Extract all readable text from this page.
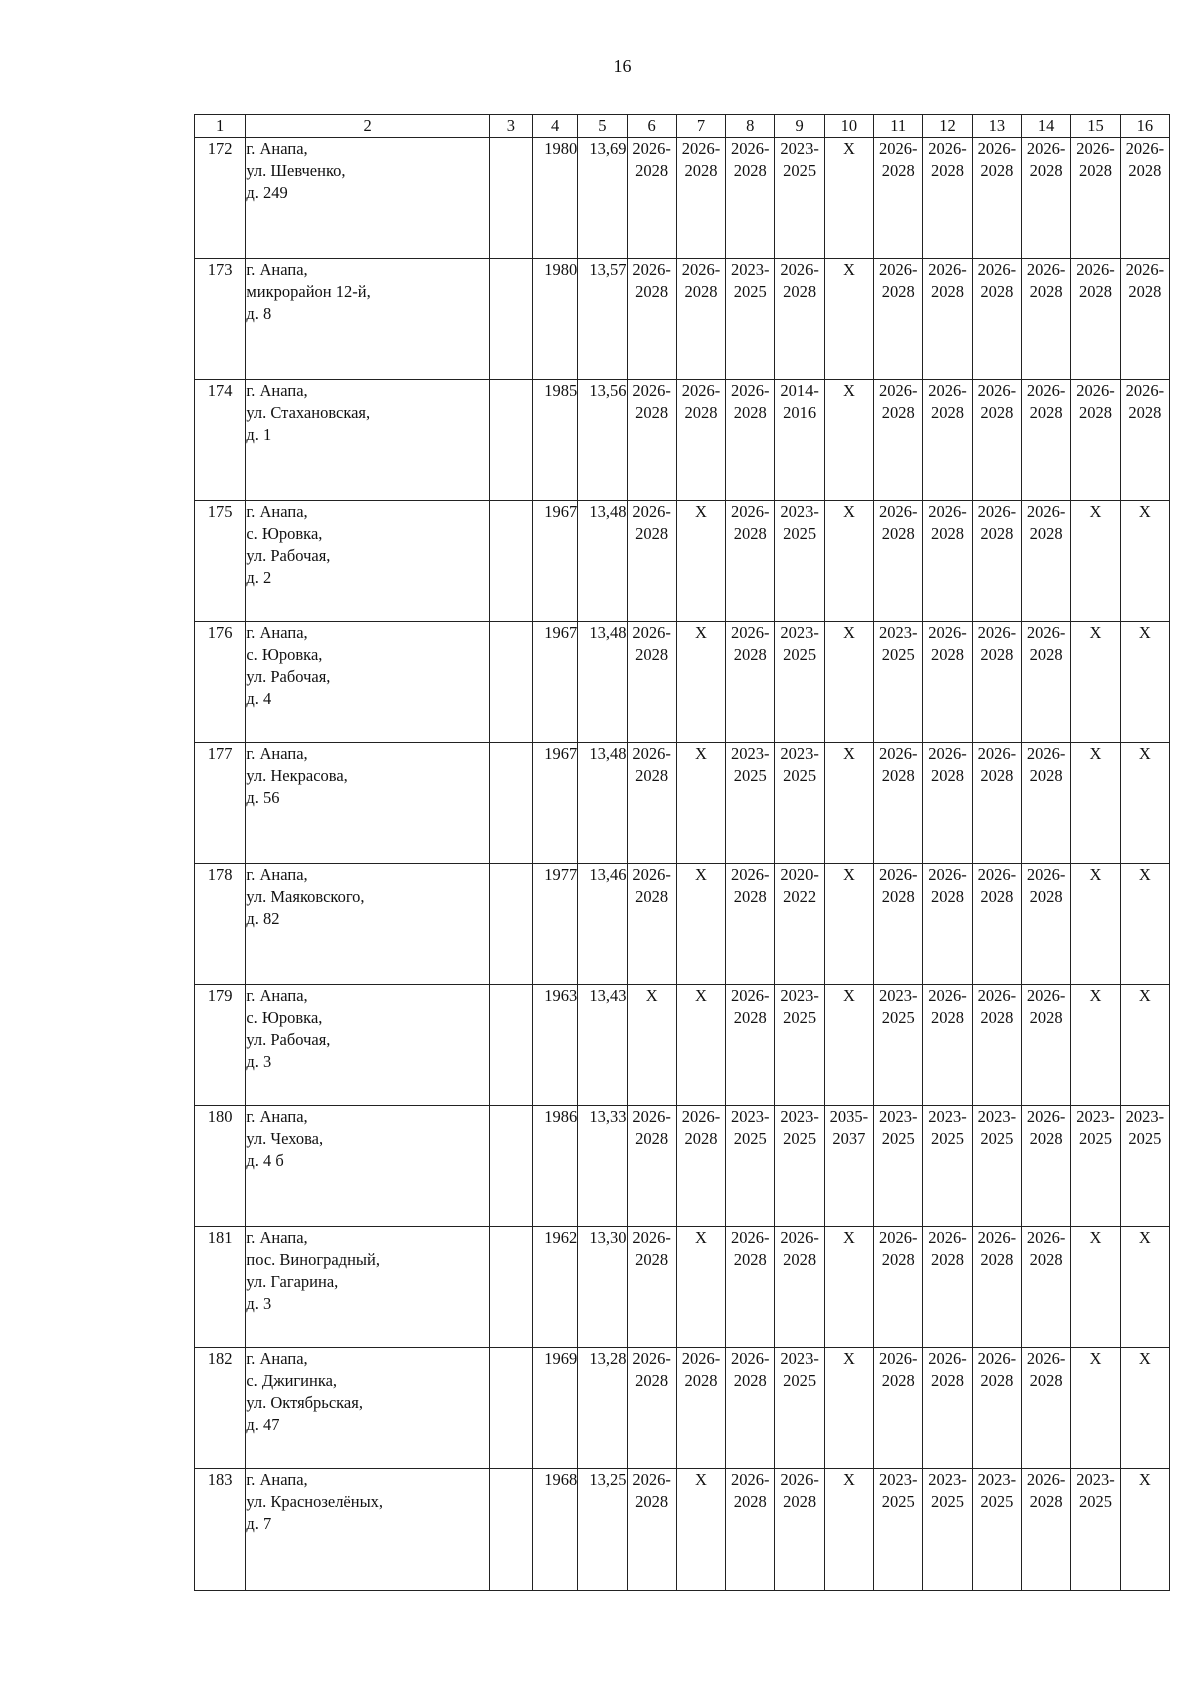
16
1	2	3	4	5	6	7	8	9	10	11	12	13	14	15	16
172	г. Анапа,
ул. Шевченко,
д. 249		1980	13,69	2026-
2028	2026-
2028	2026-
2028	2023-
2025	Х	2026-
2028	2026-
2028	2026-
2028	2026-
2028	2026-
2028	2026-
2028
173	г. Анапа,
микрорайон 12-й,
д. 8		1980	13,57	2026-
2028	2026-
2028	2023-
2025	2026-
2028	Х	2026-
2028	2026-
2028	2026-
2028	2026-
2028	2026-
2028	2026-
2028
174	г. Анапа,
ул. Стахановская,
д. 1		1985	13,56	2026-
2028	2026-
2028	2026-
2028	2014-
2016	Х	2026-
2028	2026-
2028	2026-
2028	2026-
2028	2026-
2028	2026-
2028
175	г. Анапа,
с. Юровка,
ул. Рабочая,
д. 2		1967	13,48	2026-
2028	Х	2026-
2028	2023-
2025	Х	2026-
2028	2026-
2028	2026-
2028	2026-
2028	Х	Х
176	г. Анапа,
с. Юровка,
ул. Рабочая,
д. 4		1967	13,48	2026-
2028	Х	2026-
2028	2023-
2025	Х	2023-
2025	2026-
2028	2026-
2028	2026-
2028	Х	Х
177	г. Анапа,
ул. Некрасова,
д. 56		1967	13,48	2026-
2028	Х	2023-
2025	2023-
2025	Х	2026-
2028	2026-
2028	2026-
2028	2026-
2028	Х	Х
178	г. Анапа,
ул. Маяковского,
д. 82		1977	13,46	2026-
2028	Х	2026-
2028	2020-
2022	Х	2026-
2028	2026-
2028	2026-
2028	2026-
2028	Х	Х
179	г. Анапа,
с. Юровка,
ул. Рабочая,
д. 3		1963	13,43	Х	Х	2026-
2028	2023-
2025	Х	2023-
2025	2026-
2028	2026-
2028	2026-
2028	Х	Х
180	г. Анапа,
ул. Чехова,
д. 4 б		1986	13,33	2026-
2028	2026-
2028	2023-
2025	2023-
2025	2035-
2037	2023-
2025	2023-
2025	2023-
2025	2026-
2028	2023-
2025	2023-
2025
181	г. Анапа,
пос. Виноградный,
ул. Гагарина,
д. 3		1962	13,30	2026-
2028	Х	2026-
2028	2026-
2028	Х	2026-
2028	2026-
2028	2026-
2028	2026-
2028	Х	Х
182	г. Анапа,
с. Джигинка,
ул. Октябрьская,
д. 47		1969	13,28	2026-
2028	2026-
2028	2026-
2028	2023-
2025	Х	2026-
2028	2026-
2028	2026-
2028	2026-
2028	Х	Х
183	г. Анапа,
ул. Краснозелёных,
д. 7		1968	13,25	2026-
2028	Х	2026-
2028	2026-
2028	Х	2023-
2025	2023-
2025	2023-
2025	2026-
2028	2023-
2025	Х
